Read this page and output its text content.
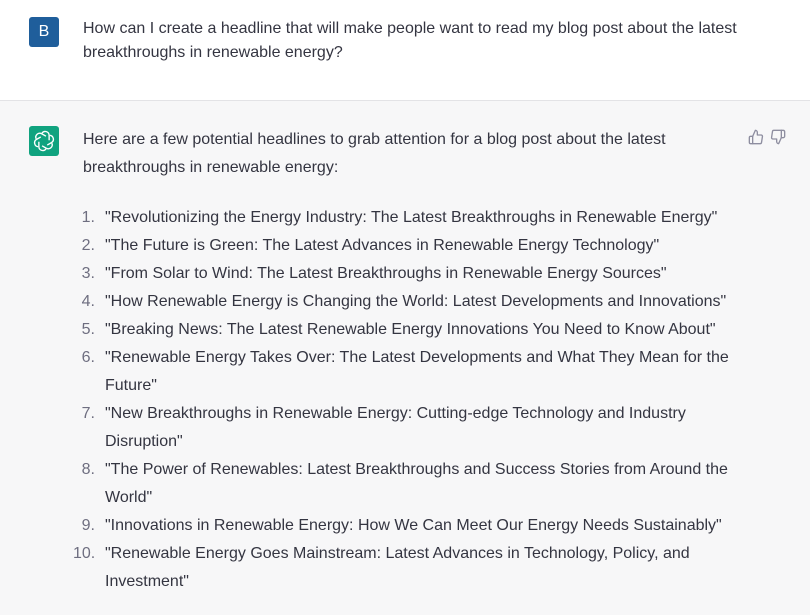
B	How can I create a headline that will make people want to read my blog post about the latest breakthroughs in renewable energy?

Here are a few potential headlines to grab attention for a blog post about the latest breakthroughs in renewable energy:

1 . "Revolutionizing the Energy Industry: The Latest Breakthroughs in Renewable Energy"
2 . "The Future is Green: The Latest Advances in Renewable Energy Technology"
3 . "From Solar to Wind: The Latest Breakthroughs in Renewable Energy Sources"
4 . "How Renewable Energy is Changing the World: Latest Developments and Innovations"
5 . "Breaking News: The Latest Renewable Energy Innovations You Need to Know About"
6 . "Renewable Energy Takes Over: The Latest Developments and What They Mean for the Future"
7 . "New Breakthroughs in Renewable Energy: Cutting-edge Technology and Industry Disruption"
8 . "The Power of Renewables: Latest Breakthroughs and Success Stories from Around the World"
9 . "Innovations in Renewable Energy: How We Can Meet Our Energy Needs Sustainably"
10 . "Renewable Energy Goes Mainstream: Latest Advances in Technology, Policy, and Investment"
